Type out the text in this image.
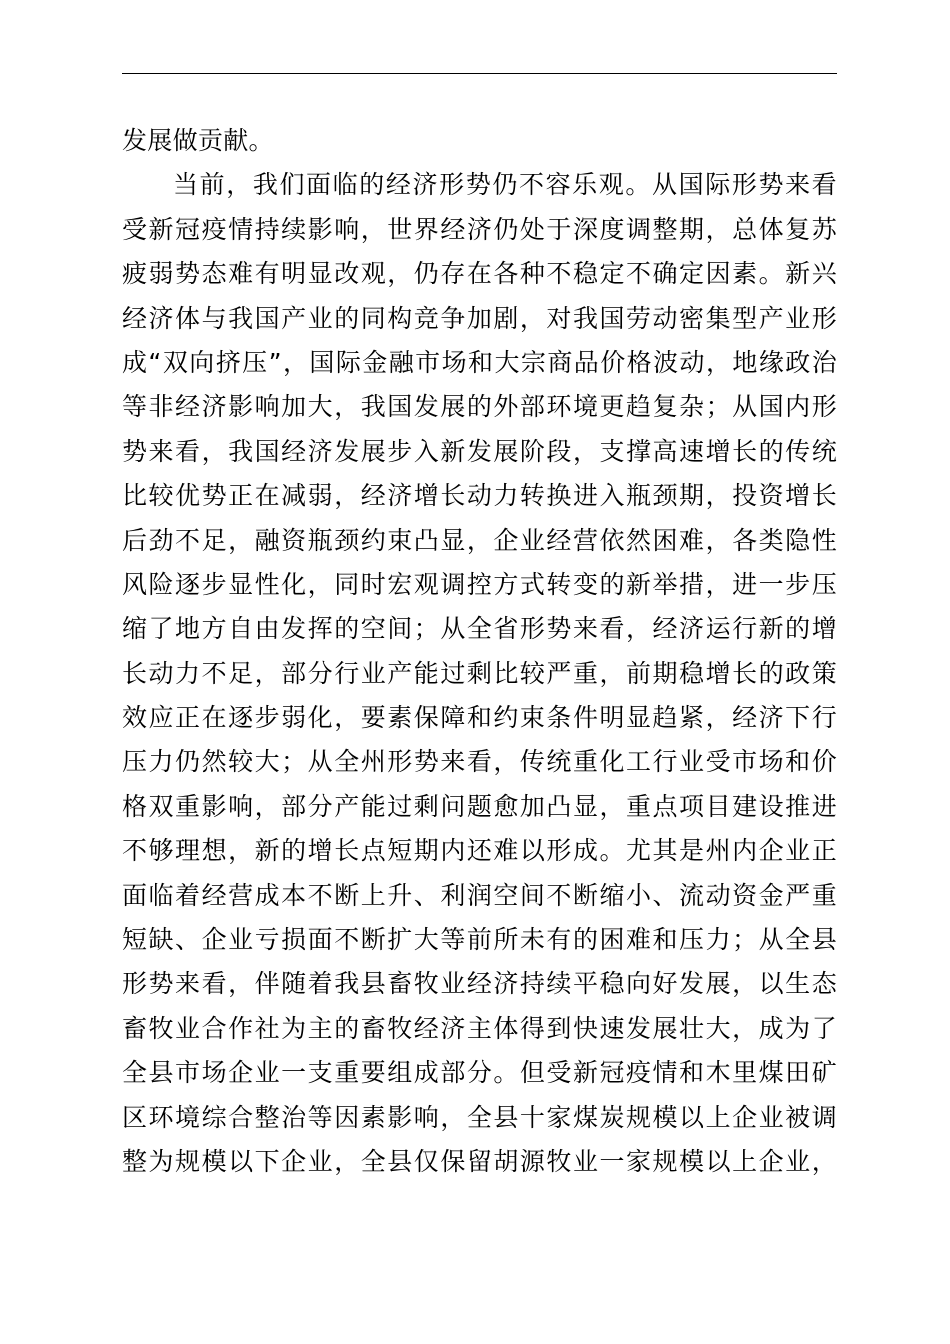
发展做贡献。
当前，我们面临的经济形势仍不容乐观。从国际形势来看
受新冠疫情持续影响，世界经济仍处于深度调整期，总体复苏
疲弱势态难有明显改观，仍存在各种不稳定不确定因素。新兴
经济体与我国产业的同构竞争加剧，对我国劳动密集型产业形
成“双向挤压”，国际金融市场和大宗商品价格波动，地缘政治
等非经济影响加大，我国发展的外部环境更趋复杂；从国内形
势来看，我国经济发展步入新发展阶段，支撑高速增长的传统
比较优势正在减弱，经济增长动力转换进入瓶颈期，投资增长
后劲不足，融资瓶颈约束凸显，企业经营依然困难，各类隐性
风险逐步显性化，同时宏观调控方式转变的新举措，进一步压
缩了地方自由发挥的空间；从全省形势来看，经济运行新的增
长动力不足，部分行业产能过剩比较严重，前期稳增长的政策
效应正在逐步弱化，要素保障和约束条件明显趋紧，经济下行
压力仍然较大；从全州形势来看，传统重化工行业受市场和价
格双重影响，部分产能过剩问题愈加凸显，重点项目建设推进
不够理想，新的增长点短期内还难以形成。尤其是州内企业正
面临着经营成本不断上升、利润空间不断缩小、流动资金严重
短缺、企业亏损面不断扩大等前所未有的困难和压力；从全县
形势来看，伴随着我县畜牧业经济持续平稳向好发展，以生态
畜牧业合作社为主的畜牧经济主体得到快速发展壮大，成为了
全县市场企业一支重要组成部分。但受新冠疫情和木里煤田矿
区环境综合整治等因素影响，全县十家煤炭规模以上企业被调
整为规模以下企业，全县仅保留胡源牧业一家规模以上企业，
